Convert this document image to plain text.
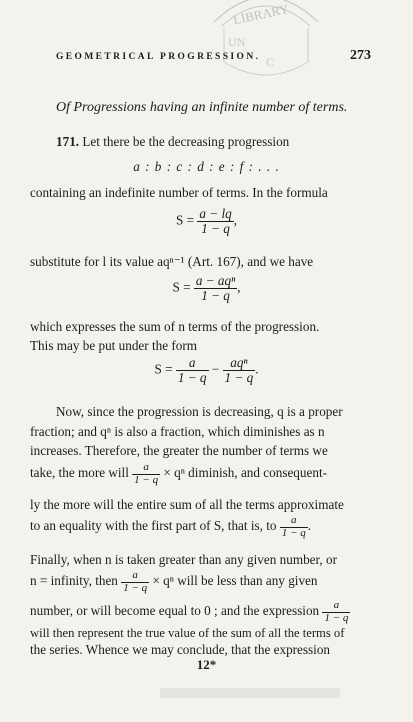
LIBRARY
UN
C
GEOMETRICAL PROGRESSION.	273
Of Progressions having an infinite number of terms.
171. Let there be the decreasing progression
a : b : c : d : e : f : . . .
containing an indefinite number of terms. In the formula
$S = \frac{a - lq}{1 - q}$ ,
substitute for l its value aqⁿ⁻¹ (Art. 167), and we have
$S = \frac{\text{a − aqⁿ}}{1 - q}$ ,
which expresses the sum of n terms of the progression.
This may be put under the form
$S = \frac{a}{1 - q} - \frac{\text{aqⁿ}}{1 - q}$ .
Now, since the progression is decreasing, q is a proper
fraction; and qⁿ is also a fraction, which diminishes as n
increases. Therefore, the greater the number of terms we
take, the more will $\frac{a}{1 - q} \times q^n$ diminish, and consequent-
ly the more will the entire sum of all the terms approximate
to an equality with the first part of S, that is, to $\frac{a}{1 - q}$ .
Finally, when n is taken greater than any given number, or
n = infinity, then $\frac{a}{1 - q} \times q^n$ will be less than any given
number, or will become equal to 0 ; and the expression $\frac{a}{1 - q}$
will then represent the true value of the sum of all the terms of
the series. Whence we may conclude, that the expression
12*
